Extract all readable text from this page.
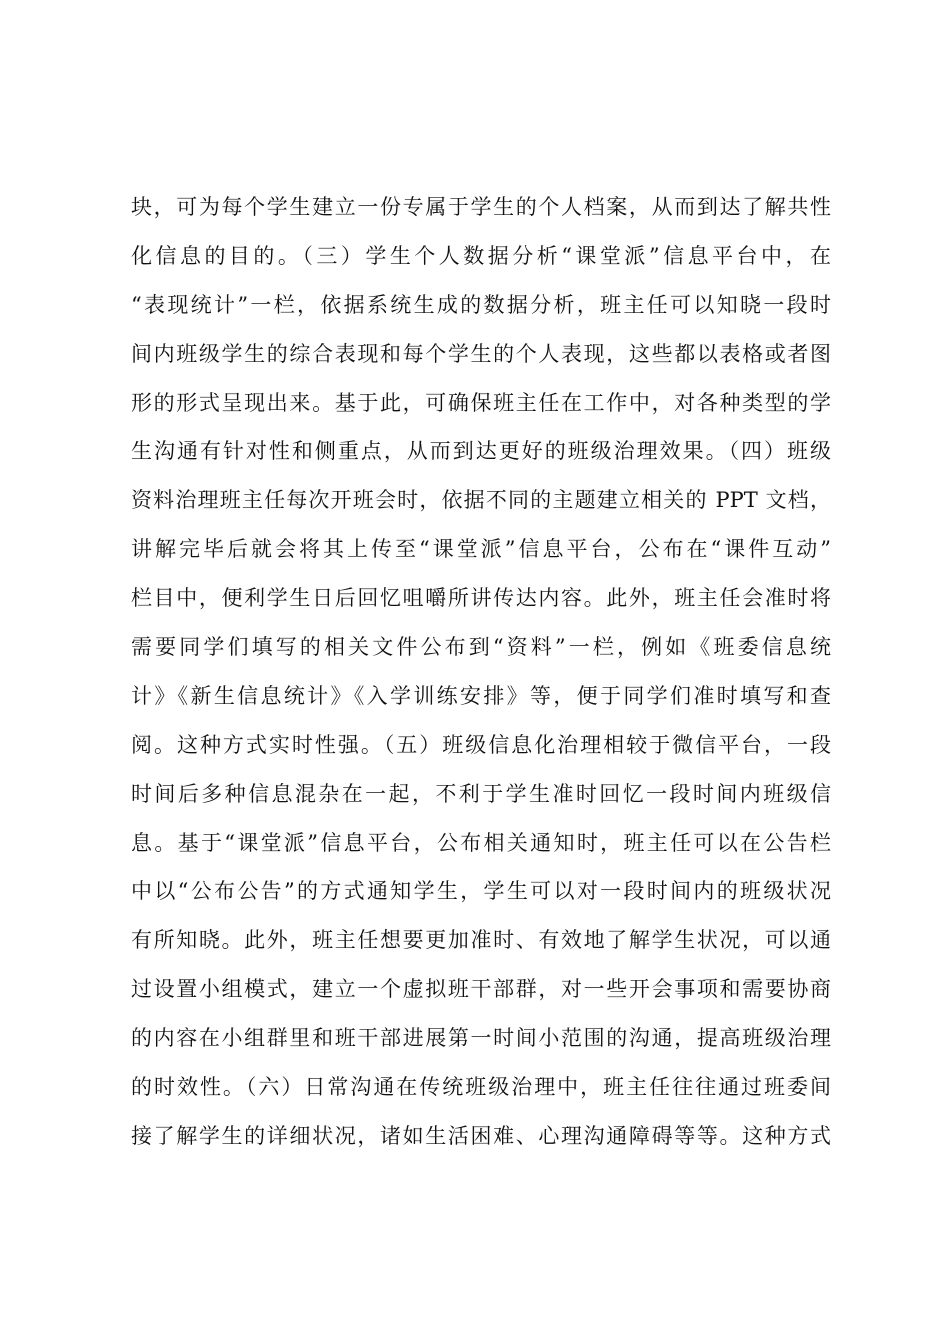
块，可为每个学生建立一份专属于学生的个人档案，从而到达了解共性
化信息的目的。（三）学生个人数据分析“课堂派”信息平台中，在
“表现统计”一栏，依据系统生成的数据分析，班主任可以知晓一段时
间内班级学生的综合表现和每个学生的个人表现，这些都以表格或者图
形的形式呈现出来。基于此，可确保班主任在工作中，对各种类型的学
生沟通有针对性和侧重点，从而到达更好的班级治理效果。（四）班级
资料治理班主任每次开班会时，依据不同的主题建立相关的 PPT 文档，
讲解完毕后就会将其上传至“课堂派”信息平台，公布在“课件互动”
栏目中，便利学生日后回忆咀嚼所讲传达内容。此外，班主任会准时将
需要同学们填写的相关文件公布到“资料”一栏，例如《班委信息统
计》《新生信息统计》《入学训练安排》等，便于同学们准时填写和查
阅。这种方式实时性强。（五）班级信息化治理相较于微信平台，一段
时间后多种信息混杂在一起，不利于学生准时回忆一段时间内班级信
息。基于“课堂派”信息平台，公布相关通知时，班主任可以在公告栏
中以“公布公告”的方式通知学生，学生可以对一段时间内的班级状况
有所知晓。此外，班主任想要更加准时、有效地了解学生状况，可以通
过设置小组模式，建立一个虚拟班干部群，对一些开会事项和需要协商
的内容在小组群里和班干部进展第一时间小范围的沟通，提高班级治理
的时效性。（六）日常沟通在传统班级治理中，班主任往往通过班委间
接了解学生的详细状况，诸如生活困难、心理沟通障碍等等。这种方式
